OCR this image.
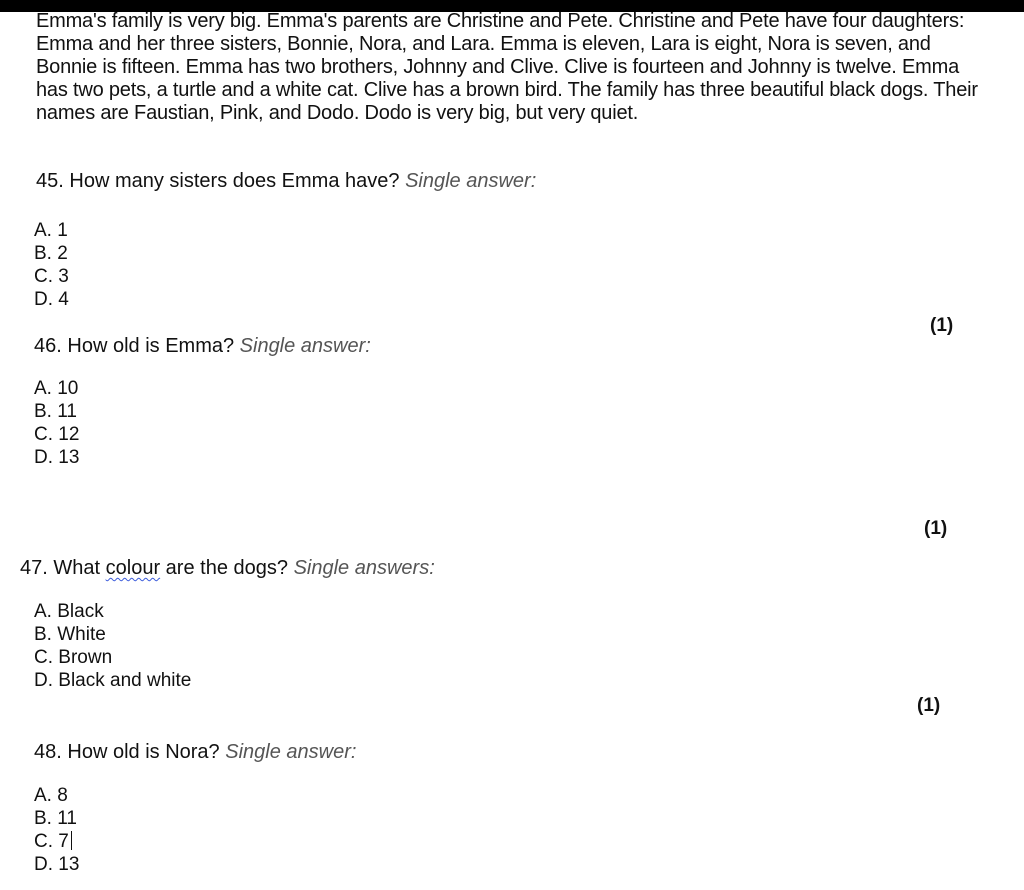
Emma's family is very big. Emma's parents are Christine and Pete. Christine and Pete have four daughters: Emma and her three sisters, Bonnie, Nora, and Lara. Emma is eleven, Lara is eight, Nora is seven, and Bonnie is fifteen. Emma has two brothers, Johnny and Clive. Clive is fourteen and Johnny is twelve. Emma has two pets, a turtle and a white cat. Clive has a brown bird. The family has three beautiful black dogs. Their names are Faustian, Pink, and Dodo. Dodo is very big, but very quiet.
45. How many sisters does Emma have? Single answer:
A. 1
B. 2
C. 3
D. 4
(1)
46. How old is Emma? Single answer:
A. 10
B. 11
C. 12
D. 13
(1)
47. What colour are the dogs? Single answers:
A. Black
B. White
C. Brown
D. Black and white
(1)
48. How old is Nora? Single answer:
A. 8
B. 11
C. 7
D. 13
